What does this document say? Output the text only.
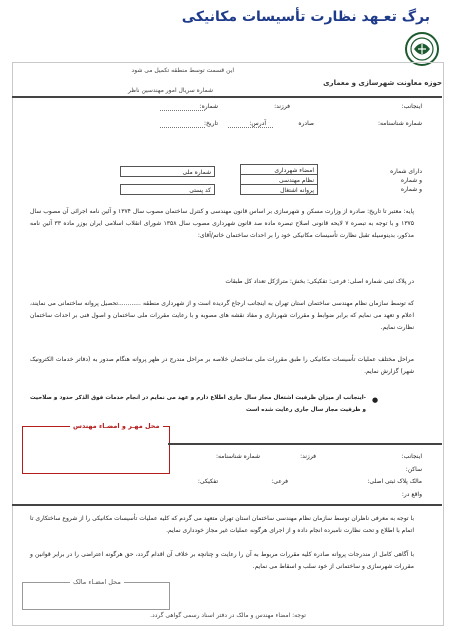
برگ تعـهد نظارت تأسیسات مکانیکی
حوزه معاونت شهرسازی و معماری
این قسمت توسط منطقه تکمیل می شود
شماره سریال امور مهندسین ناظر
اینجانب:
فرزند:
شماره:
شماره شناسنامه:
صادره
آدرس:
تاریخ:
دارای شماره
و شماره
و شماره
امضاء شهرداری
نظام مهندسی
پروانه اشتغال
شماره ملی
کد پستی
پایه: معتبر تا تاریخ: صادره از وزارت مسکن و شهرسازی بر اساس قانون مهندسی و کنترل ساختمان مصوب سال ۱۳۷۴ و آئین نامه اجرائی آن مصوب سال ۱۳۷۵ و با توجه به تبصره ۷ لایحه قانونی اصلاح تبصره ماده صد قانون شهرداری مصوب سال ۱۳۵۸ شورای انقلاب اسلامی ایران بوزر ماده ۳۳ آئین نامه مذکور، بدینوسیله تقبل نظارت تأسیسات مکانیکی خود را بر احداث ساختمان خاتم/آقای:
در پلاک ثبتی شماره اصلی: فرعی: تفکیکی: بخش: متراژکل تعداد کل طبقات
که توسط سازمان نظام مهندسی ساختمان استان تهران به اینجانب ارجاع گردیده است و از شهرداری منطقه ............تحصیل پروانه ساختمانی می نمایند، اعلام و تعهد می نمایم که برابر ضوابط و مقررات شهرداری و مفاد نقشه های مصوبه و با رعایت مقررات ملی ساختمان و اصول فنی بر احداث ساختمان نظارت نمایم.
مراحل مختلف عملیات تأسیسات مکانیکی را طبق مقررات ملی ساختمان خلاصه بر مراحل مندرج در ظهر پروانه هنگام صدور به (دفاتر خدمات الکترونیک شهر) گزارش نمایم.
●
-اینجانب از میزان ظرفیت اشتغال مجاز سال جاری اطلاع دارم و عهد می نمایم در انجام خدمات فوق الذکر حدود و صلاحیت و ظرفیت مجاز سال جاری رعایت شده است
محل مهـر و امضـاء مهندس
اینجانب:
فرزند:
شماره شناسنامه:
ساکن:
مالک پلاک ثبتی اصلی:
فرعی:
تفکیکی:
واقع در:
با توجه به معرفی ناظران توسط سازمان نظام مهندسی ساختمان استان تهران متعهد می گردم که کلیه عملیات تأسیسات مکانیکی را از شروع ساختکاری تا اتمام با اطلاع و تحت نظارت نامبرده انجام داده و از اجرای هرگونه عملیات غیر مجاز خودداری نمایم.
با آگاهی کامل از مندرجات پروانه صادره کلیه مقررات مربوط به آن را رعایت و چنانچه بر خلاف آن اقدام گردد، حق هرگونه اعتراضی را در برابر قوانین و مقررات شهرسازی و ساختمانی از خود سلب و اسقاط می نمایم.
محل امضـاء مالک
توجه: امضاء مهندس و مالک در دفتر اسناد رسمی گواهی گردد.
